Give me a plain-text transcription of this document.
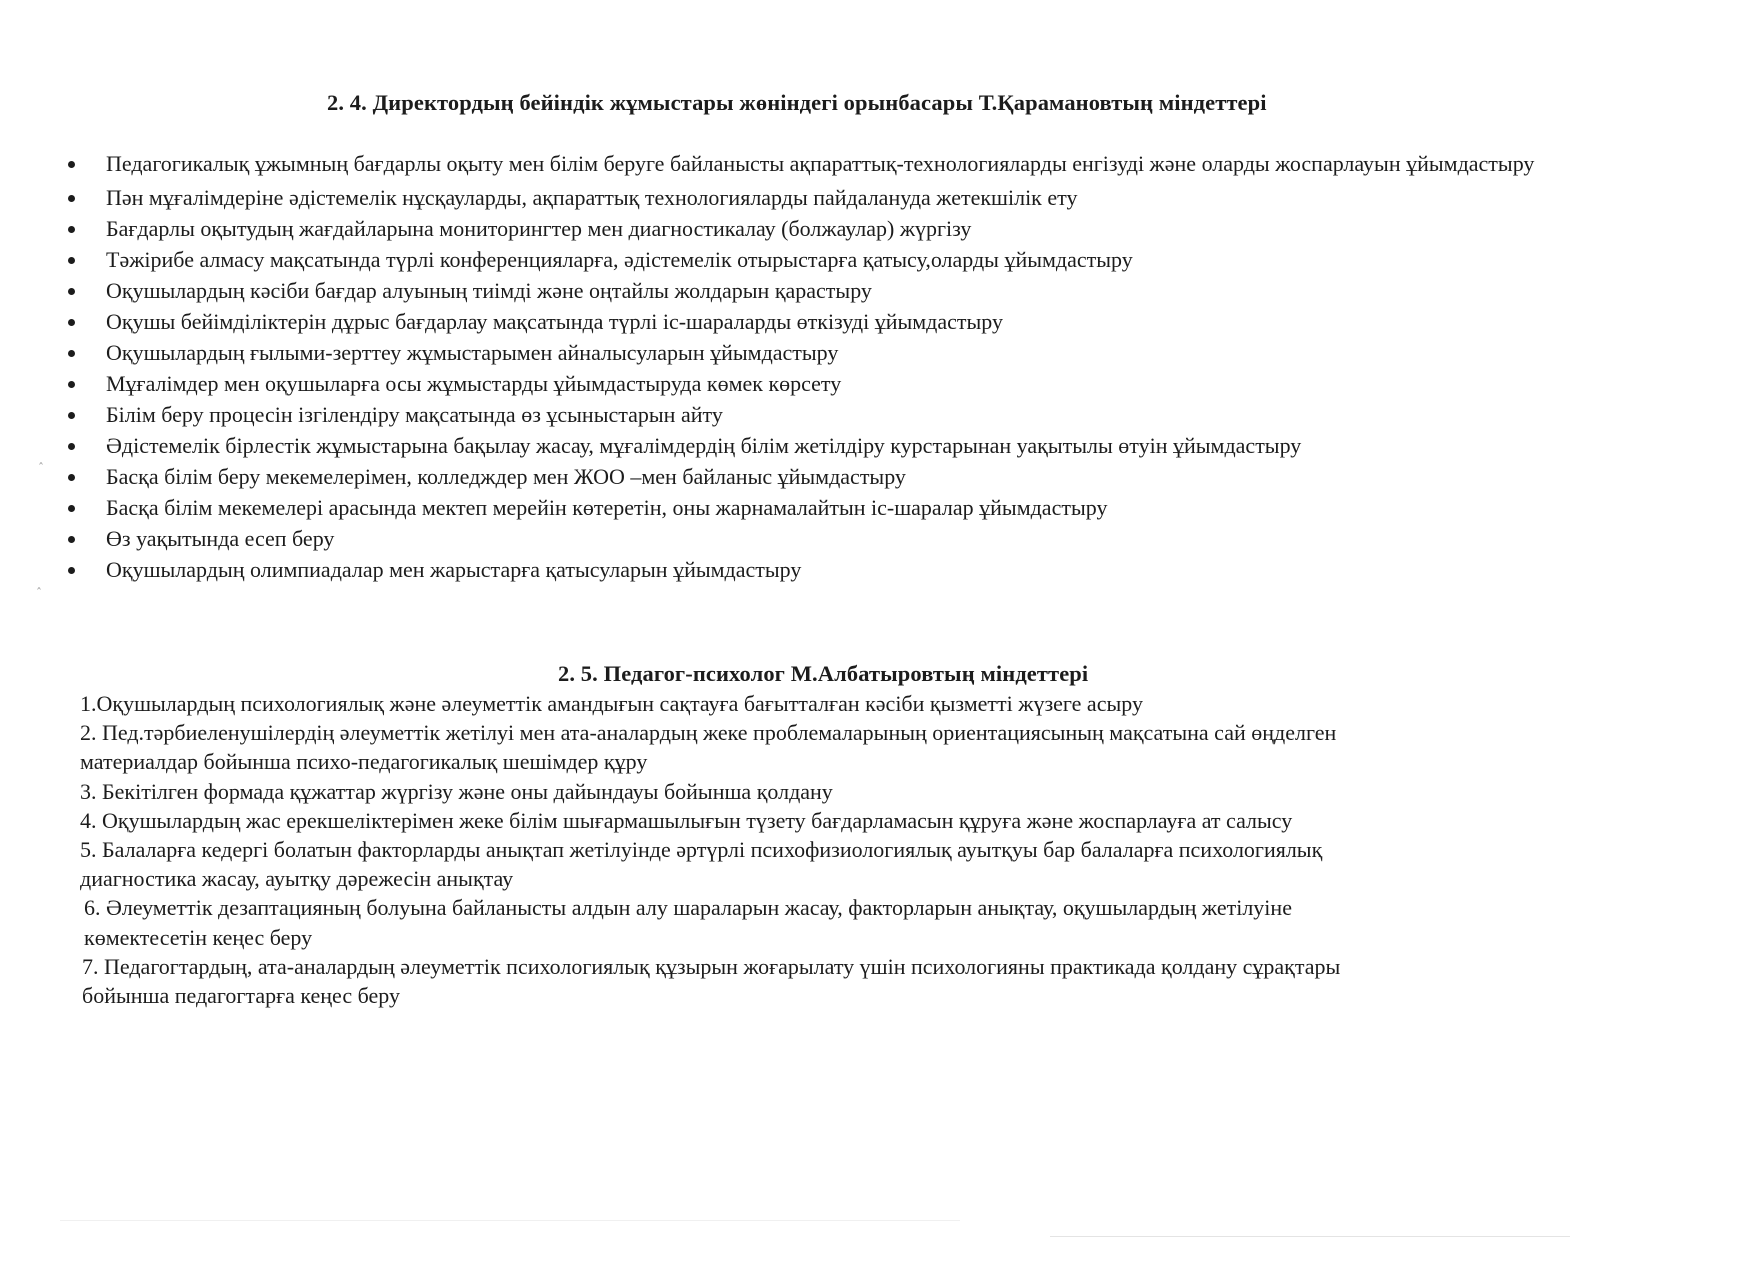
2. 4. Директордың бейіндік жұмыстары жөніндегі орынбасары Т.Қарамановтың міндеттері
Педагогикалық ұжымның бағдарлы оқыту мен білім беруге байланысты ақпараттық-технологияларды енгізуді және оларды жоспарлауын ұйымдастыру
Пән мұғалімдеріне әдістемелік нұсқауларды, ақпараттық технологияларды пайдалануда жетекшілік ету
Бағдарлы оқытудың жағдайларына мониторингтер мен диагностикалау (болжаулар) жүргізу
Тәжірибе алмасу мақсатында түрлі конференцияларға, әдістемелік отырыстарға қатысу,оларды ұйымдастыру
Оқушылардың кәсіби бағдар алуының тиімді және оңтайлы жолдарын қарастыру
Оқушы бейімділіктерін дұрыс бағдарлау мақсатында түрлі іс-шараларды өткізуді ұйымдастыру
Оқушылардың ғылыми-зерттеу жұмыстарымен айналысуларын ұйымдастыру
Мұғалімдер мен оқушыларға осы жұмыстарды ұйымдастыруда көмек көрсету
Білім беру процесін ізгілендіру мақсатында өз ұсыныстарын айту
Әдістемелік бірлестік жұмыстарына бақылау жасау, мұғалімдердің білім жетілдіру курстарынан уақытылы өтуін ұйымдастыру
Басқа білім беру мекемелерімен, колледждер мен ЖОО –мен байланыс ұйымдастыру
Басқа білім мекемелері арасында мектеп мерейін көтеретін, оны жарнамалайтын іс-шаралар ұйымдастыру
Өз уақытында есеп беру
Оқушылардың олимпиадалар мен жарыстарға қатысуларын ұйымдастыру
2. 5. Педагог-психолог М.Албатыровтың міндеттері
1.Оқушылардың психологиялық және әлеуметтік амандығын сақтауға бағытталған кәсіби қызметті жүзеге асыру
2. Пед.тәрбиеленушілердің әлеуметтік жетілуі мен ата-аналардың жеке проблемаларының ориентациясының мақсатына сай өңделген
материалдар бойынша психо-педагогикалық шешімдер құру
3. Бекітілген формада құжаттар жүргізу және оны дайындауы бойынша қолдану
4. Оқушылардың жас ерекшеліктерімен жеке білім шығармашылығын түзету бағдарламасын құруға және жоспарлауға ат салысу
5. Балаларға кедергі болатын факторларды анықтап жетілуінде әртүрлі психофизиологиялық ауытқуы бар балаларға психологиялық
диагностика жасау, ауытқу дәрежесін анықтау
6. Әлеуметтік дезаптацияның болуына байланысты алдын алу шараларын жасау, факторларын анықтау, оқушылардың жетілуіне
көмектесетін кеңес беру
7. Педагогтардың, ата-аналардың әлеуметтік психологиялық құзырын жоғарылату үшін психологияны практикада қолдану сұрақтары
бойынша педагогтарға кеңес беру
ˆ
ˆ
